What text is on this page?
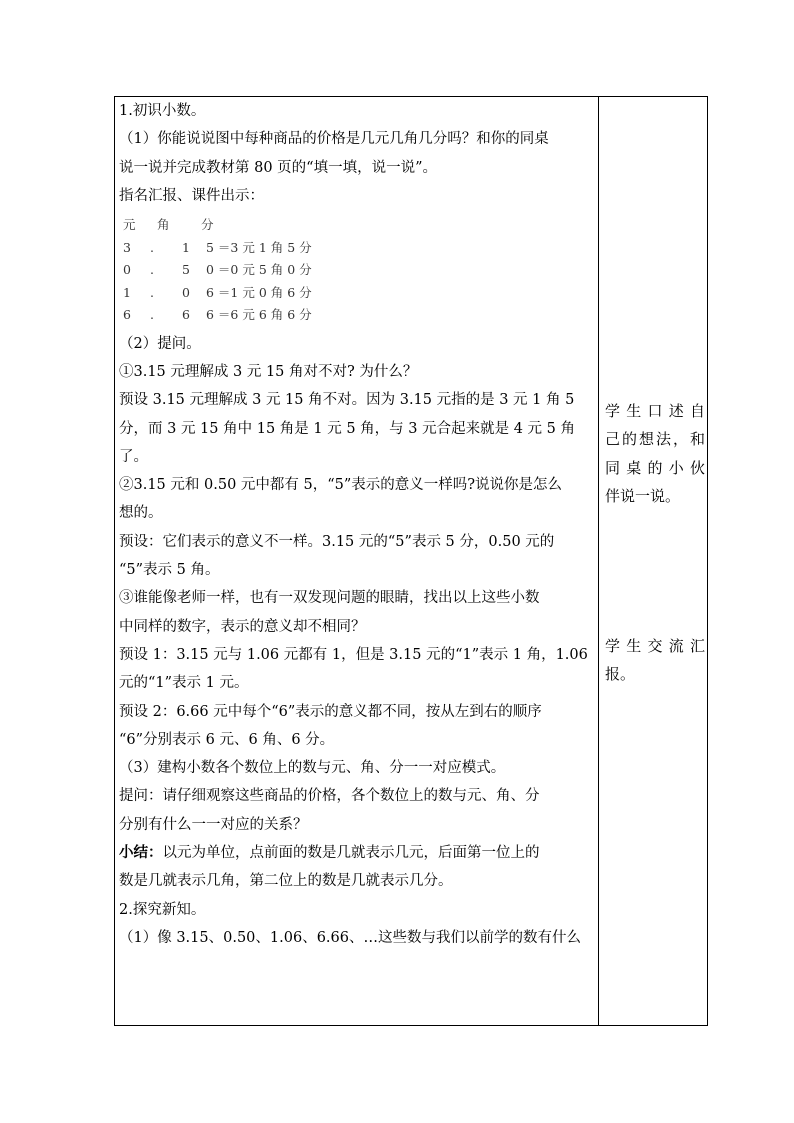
1.初识小数。
（1）你能说说图中每种商品的价格是几元几角几分吗？和你的同桌
说一说并完成教材第 80 页的“填一填，说一说”。
指名汇报、课件出示：
元	角	分
3	.	1	5 ＝3 元 1 角 5 分
0	.	5	0 ＝0 元 5 角 0 分
1	.	0	6 ＝1 元 0 角 6 分
6	.	6	6 ＝6 元 6 角 6 分
（2）提问。
①3.15 元理解成 3 元 15 角对不对? 为什么？
预设 3.15 元理解成 3 元 15 角不对。因为 3.15 元指的是 3 元 1 角 5
分，而 3 元 15 角中 15 角是 1 元 5 角，与 3 元合起来就是 4 元 5 角
了。
②3.15 元和 0.50 元中都有 5，“5”表示的意义一样吗?说说你是怎么
想的。
预设：它们表示的意义不一样。3.15 元的“5”表示 5 分，0.50 元的
“5”表示 5 角。
③谁能像老师一样，也有一双发现问题的眼睛，找出以上这些小数
中同样的数字，表示的意义却不相同？
预设 1：3.15 元与 1.06 元都有 1，但是 3.15 元的“1”表示 1 角，1.06
元的“1”表示 1 元。
预设 2：6.66 元中每个“6”表示的意义都不同，按从左到右的顺序
“6”分别表示 6 元、6 角、6 分。
（3）建构小数各个数位上的数与元、角、分一一对应模式。
提问：请仔细观察这些商品的价格，各个数位上的数与元、角、分
分别有什么一一对应的关系？
小结：以元为单位，点前面的数是几就表示几元，后面第一位上的
数是几就表示几角，第二位上的数是几就表示几分。
2.探究新知。
（1）像 3.15、0.50、1.06、6.66、…这些数与我们以前学的数有什么
学生口述自
己的想法，和
同桌的小伙
伴说一说。
学生交流汇
报。
